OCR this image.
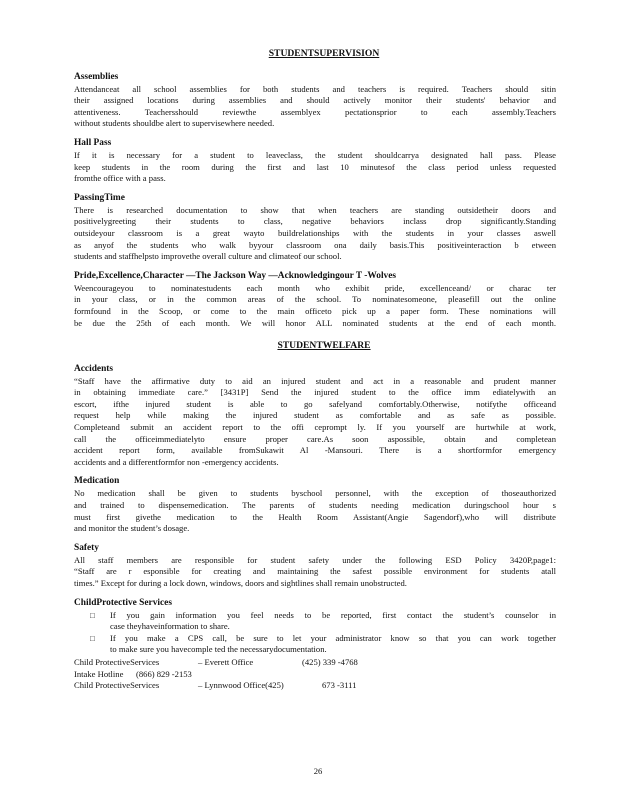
STUDENTSUPERVISION
Assemblies
Attendanceat all school assemblies for both students and teachers is required. Teachers should sitin
their assigned locations during assemblies and should actively monitor their students' behavior and
attentiveness. Teachersshould reviewthe assemblyex pectationsprior to each assembly.Teachers
without students shouldbe alert to supervisewhere needed.
Hall Pass
If it is necessary for a student to leaveclass, the student shouldcarrya designated hall pass. Please
keep students in the room during the first and last 10 minutesof the class period unless requested
fromthe office with a pass.
PassingTime
There is researched documentation to show that when teachers are standing outsidetheir doors and
positivelygreeting their students to class, negative behaviors inclass drop significantly.Standing
outsideyour classroom is a great wayto buildrelationships with the students in your classes aswell
as anyof the students who walk byyour classroom ona daily basis.This positiveinteraction b etween
students and staffhelpsto improvethe overall culture and climateof our school.
Pride,Excellence,Character —The Jackson Way —Acknowledgingour T -Wolves
Weencourageyou to nominatestudents each month who exhibit pride, excellenceand/ or charac ter
in your class, or in the common areas of the school. To nominatesomeone, pleasefill out the online
formfound in the Scoop, or come to the main officeto pick up a paper form. These nominations will
be due the 25th of each month. We will honor ALL nominated students at the end of each month.
STUDENTWELFARE
Accidents
“Staff have the affirmative duty to aid an injured student and act in a reasonable and prudent manner
in obtaining immediate care.” [3431P] Send the injured student to the office imm ediatelywith an
escort, ifthe injured student is able to go safelyand comfortably.Otherwise, notifythe officeand
request help while making the injured student as comfortable and as safe as possible.
Completeand submit an accident report to the offi ceprompt ly. If you yourself are hurtwhile at work,
call the officeimmediatelyto ensure proper care.As soon aspossible, obtain and completean
accident report form, available fromSukawit Al -Mansouri. There is a shortformfor emergency
accidents and a differentformfor non -emergency accidents.
Medication
No medication shall be given to students byschool personnel, with the exception of thoseauthorized
and trained to dispensemedication. The parents of students needing medication duringschool hour s
must first givethe medication to the Health Room Assistant(Angie Sagendorf),who will distribute
and monitor the student’s dosage.
Safety
All staff members are responsible for student safety under the following ESD Policy 3420P,page1:
“Staff are r esponsible for creating and maintaining the safest possible environment for students atall
times.” Except for during a lock down, windows, doors and sightlines shall remain unobstructed.
ChildProtective Services
□ If you gain information you feel needs to be reported, first contact the student’s counselor in
case theyhaveinformation to share.
□ If you make a CPS call, be sure to let your administrator know so that you can work together
to make sure you havecomple ted the necessarydocumentation.
Child ProtectiveServices	– Everett Office	(425) 339 -4768
Intake Hotline	(866) 829 -2153
Child ProtectiveServices	– Lynnwood Office(425)	673 -3111
26
